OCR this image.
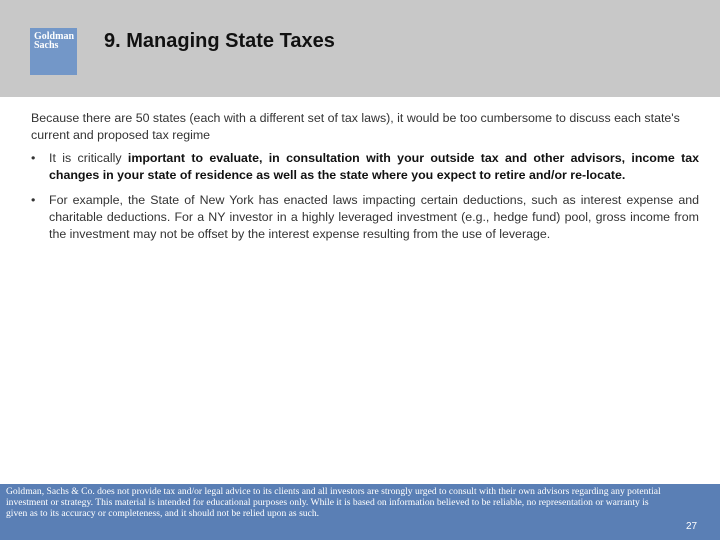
Goldman
Sachs 9. Managing State Taxes

Because there are 50 states (each with a different set of tax laws), it would be too cumbersome to discuss each state's current and proposed tax regime

• It is critically important to evaluate, in consultation with your outside tax and other advisors, income tax changes in your state of residence as well as the state where you expect to retire and/or re-locate.
• For example, the State of New York has enacted laws impacting certain deductions, such as interest expense and charitable deductions. For a NY investor in a highly leveraged investment (e.g., hedge fund) pool, gross income from the investment may not be offset by the interest expense resulting from the use of leverage.

Goldman, Sachs & Co. does not provide tax and/or legal advice to its clients and all investors are strongly urged to consult with their own advisors regarding any potential investment or strategy. This material is intended for educational purposes only. While it is based on information believed to be reliable, no representation or warranty is given as to its accuracy or completeness, and it should not be relied upon as such.

27
